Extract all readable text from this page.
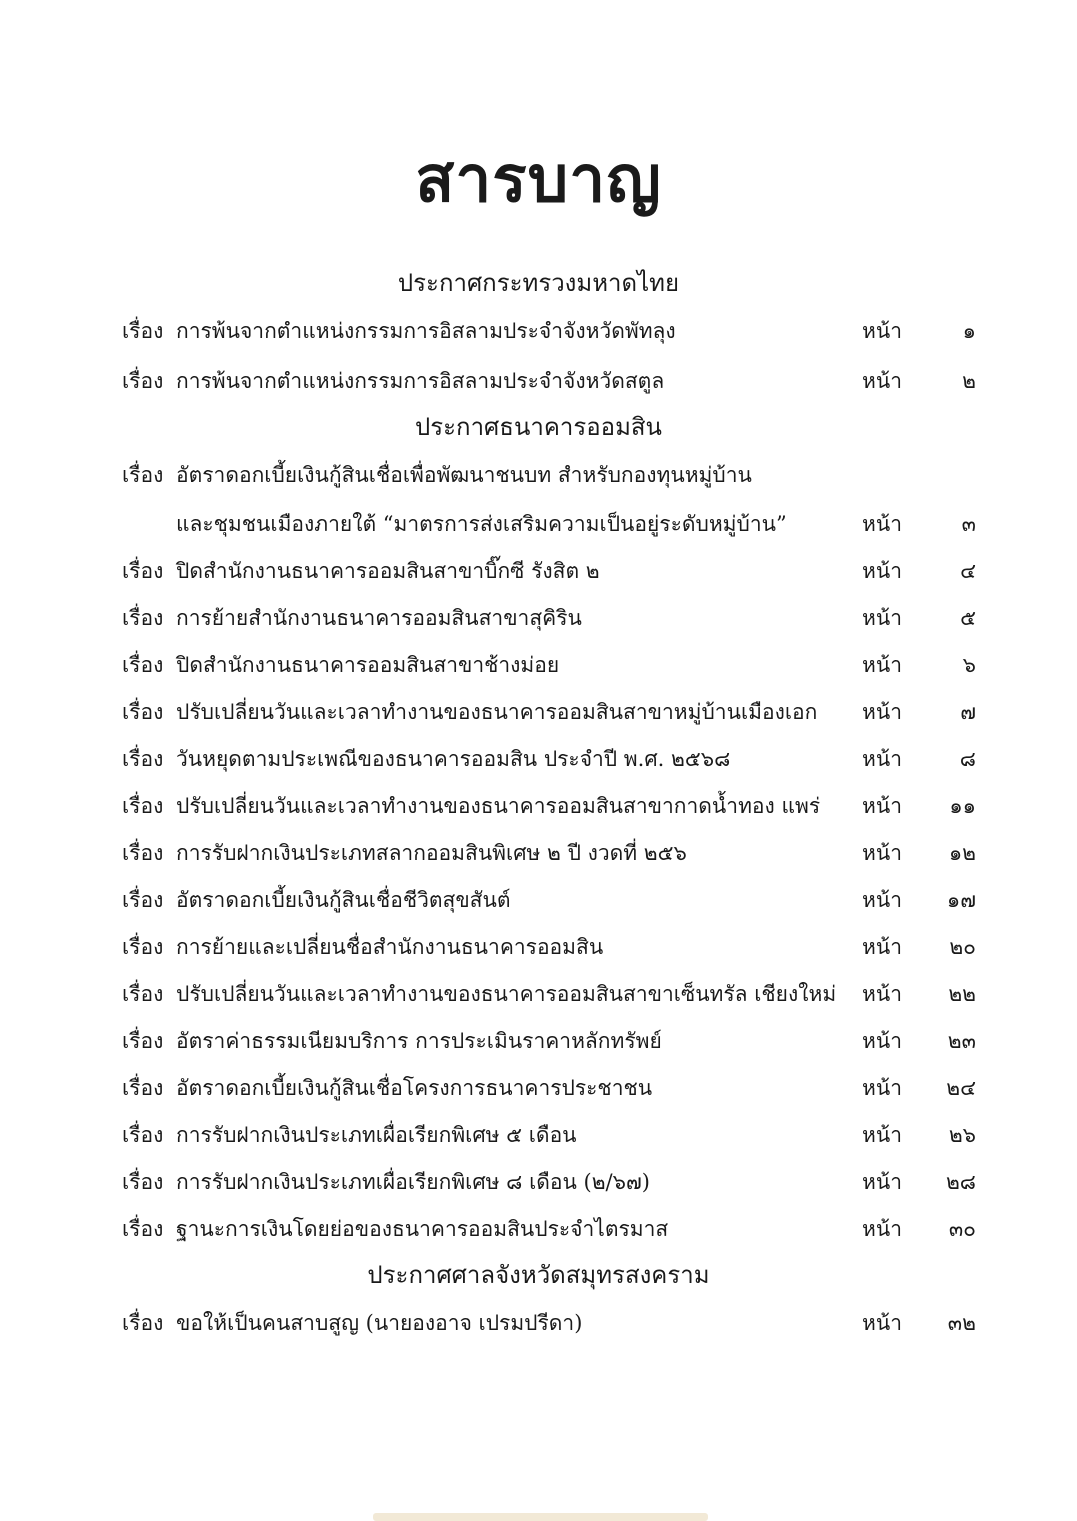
สารบาญ
ประกาศกระทรวงมหาดไทย
เรื่อง การพ้นจากตำแหน่งกรรมการอิสลามประจำจังหวัดพัทลุง	หน้า	๑
เรื่อง การพ้นจากตำแหน่งกรรมการอิสลามประจำจังหวัดสตูล	หน้า	๒
ประกาศธนาคารออมสิน
เรื่อง อัตราดอกเบี้ยเงินกู้สินเชื่อเพื่อพัฒนาชนบท สำหรับกองทุนหมู่บ้าน
และชุมชนเมืองภายใต้ “มาตรการส่งเสริมความเป็นอยู่ระดับหมู่บ้าน”	หน้า	๓
เรื่อง ปิดสำนักงานธนาคารออมสินสาขาบิ๊กซี รังสิต ๒	หน้า	๔
เรื่อง การย้ายสำนักงานธนาคารออมสินสาขาสุคิริน	หน้า	๕
เรื่อง ปิดสำนักงานธนาคารออมสินสาขาช้างม่อย	หน้า	๖
เรื่อง ปรับเปลี่ยนวันและเวลาทำงานของธนาคารออมสินสาขาหมู่บ้านเมืองเอก หน้า	๗
เรื่อง วันหยุดตามประเพณีของธนาคารออมสิน ประจำปี พ.ศ. ๒๕๖๘	หน้า	๘
เรื่อง ปรับเปลี่ยนวันและเวลาทำงานของธนาคารออมสินสาขากาดน้ำทอง แพร่ หน้า	๑๑
เรื่อง การรับฝากเงินประเภทสลากออมสินพิเศษ ๒ ปี งวดที่ ๒๕๖	หน้า	๑๒
เรื่อง อัตราดอกเบี้ยเงินกู้สินเชื่อชีวิตสุขสันต์	หน้า	๑๗
เรื่อง การย้ายและเปลี่ยนชื่อสำนักงานธนาคารออมสิน	หน้า	๒๐
เรื่อง ปรับเปลี่ยนวันและเวลาทำงานของธนาคารออมสินสาขาเซ็นทรัล เชียงใหม่ หน้า	๒๒
เรื่อง อัตราค่าธรรมเนียมบริการ การประเมินราคาหลักทรัพย์	หน้า	๒๓
เรื่อง อัตราดอกเบี้ยเงินกู้สินเชื่อโครงการธนาคารประชาชน	หน้า	๒๔
เรื่อง การรับฝากเงินประเภทเผื่อเรียกพิเศษ ๕ เดือน	หน้า	๒๖
เรื่อง การรับฝากเงินประเภทเผื่อเรียกพิเศษ ๘ เดือน (๒/๖๗)	หน้า	๒๘
เรื่อง ฐานะการเงินโดยย่อของธนาคารออมสินประจำไตรมาส	หน้า	๓๐
ประกาศศาลจังหวัดสมุทรสงคราม
เรื่อง ขอให้เป็นคนสาบสูญ (นายองอาจ เปรมปรีดา)	หน้า	๓๒
